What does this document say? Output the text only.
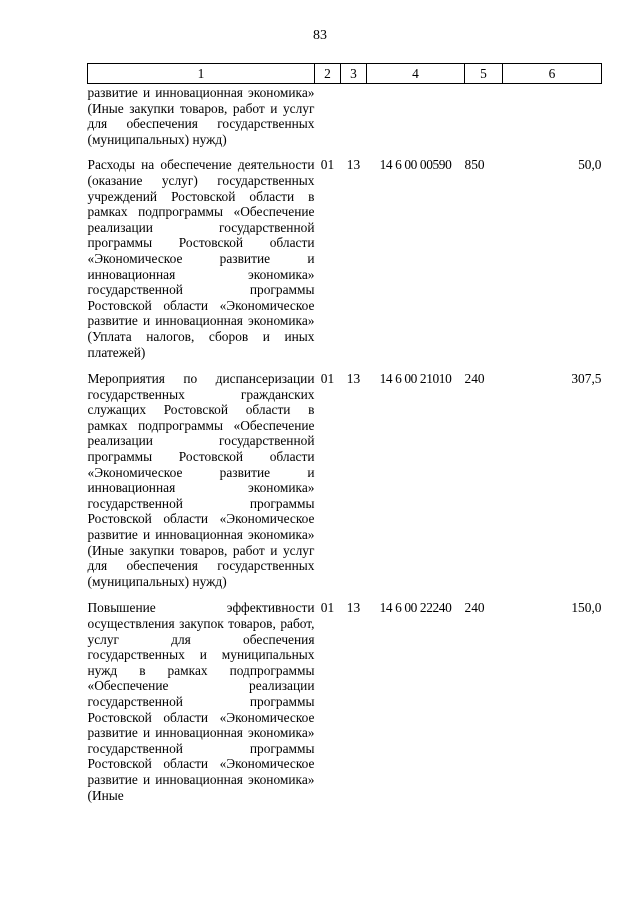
83
1	2	3	4	5	6
развитие и инновационная экономика» (Иные закупки товаров, работ и услуг для обеспечения государственных (муниципальных) нужд)					
Расходы на обеспечение деятельности (оказание услуг) государственных учреждений Ростовской области в рамках подпрограммы «Обеспечение реализации государственной программы Ростовской области «Экономическое развитие и инновационная экономика» государственной программы Ростовской области «Экономическое развитие и инновационная экономика» (Уплата налогов, сборов и иных платежей)	01	13	14 6 00 00590	850	50,0
Мероприятия по диспансеризации государственных гражданских служащих Ростовской области в рамках подпрограммы «Обеспечение реализации государственной программы Ростовской области «Экономическое развитие и инновационная экономика» государственной программы Ростовской области «Экономическое развитие и инновационная экономика» (Иные закупки товаров, работ и услуг для обеспечения государственных (муниципальных) нужд)	01	13	14 6 00 21010	240	307,5
Повышение эффективности осуществления закупок товаров, работ, услуг для обеспечения государственных и муниципальных нужд в рамках подпрограммы «Обеспечение реализации государственной программы Ростовской области «Экономическое развитие и инновационная экономика» государственной программы Ростовской области «Экономическое развитие и инновационная экономика» (Иные	01	13	14 6 00 22240	240	150,0
